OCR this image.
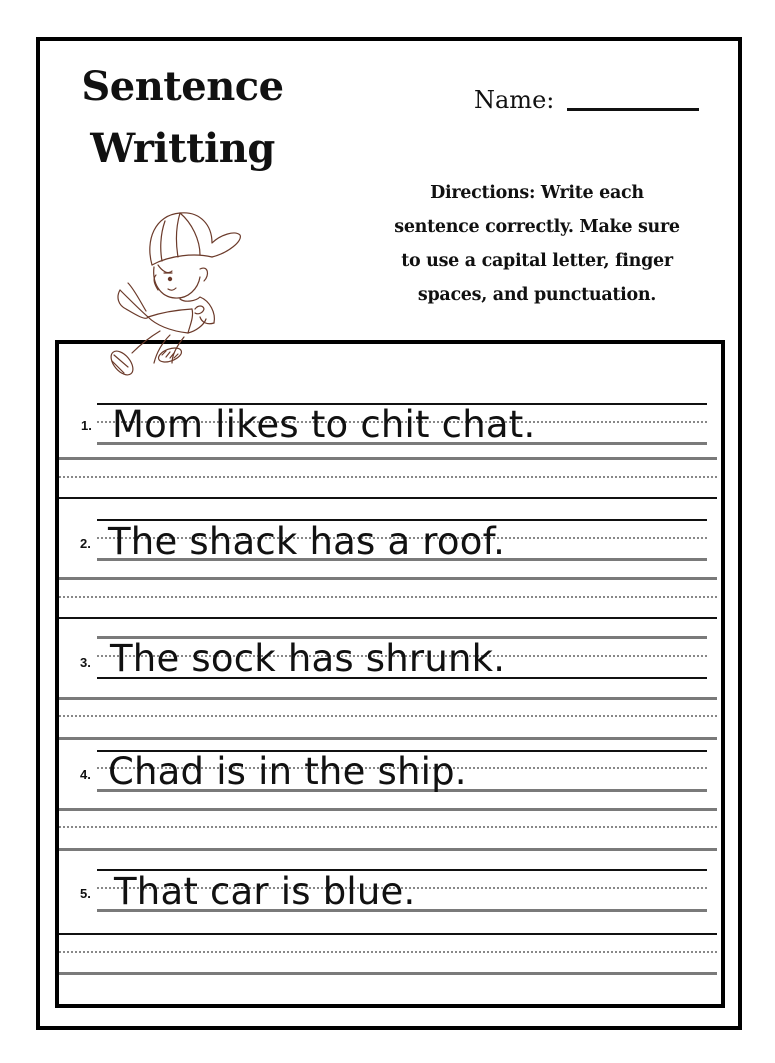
Sentence
Writting
Name:
Directions: Write each
sentence correctly. Make sure
to use a capital letter, finger
spaces, and punctuation.
1. Mom likes to chit chat.
2. The shack has a roof.
3. The sock has shrunk.
4. Chad is in the ship.
5. That car is blue.
